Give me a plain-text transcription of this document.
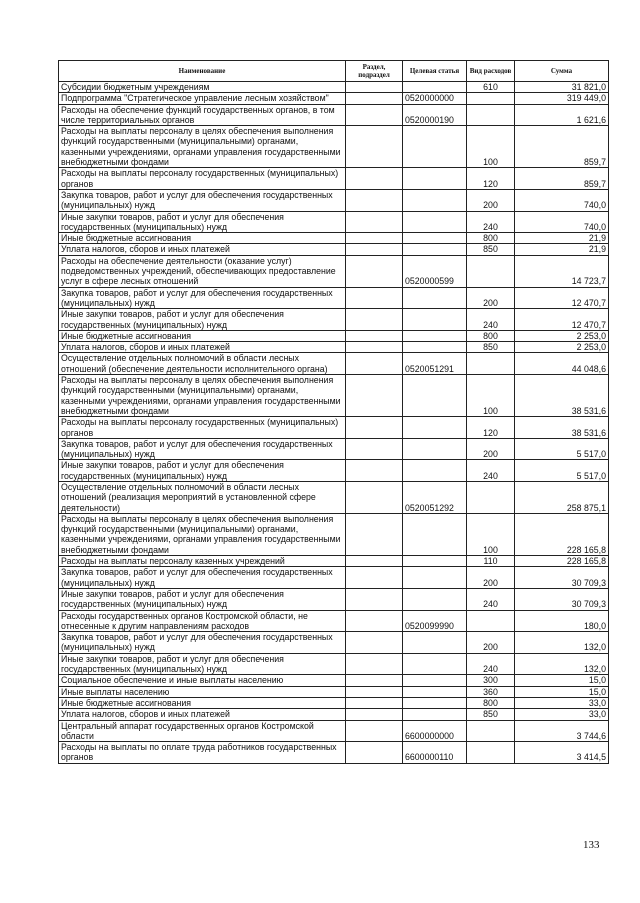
Наименование	Раздел, подраздел	Целевая статья	Вид расходов	Сумма
Субсидии бюджетным учреждениям			610	31 821,0
Подпрограмма "Стратегическое управление лесным хозяйством"		0520000000		319 449,0
Расходы на обеспечение функций государственных органов, в том числе территориальных органов		0520000190		1 621,6
Расходы на выплаты персоналу в целях обеспечения выполнения функций государственными (муниципальными) органами, казенными учреждениями, органами управления государственными внебюджетными фондами			100	859,7
Расходы на выплаты персоналу государственных (муниципальных) органов			120	859,7
Закупка товаров, работ и услуг для обеспечения государственных (муниципальных) нужд			200	740,0
Иные закупки товаров, работ и услуг для обеспечения государственных (муниципальных) нужд			240	740,0
Иные бюджетные ассигнования			800	21,9
Уплата налогов, сборов и иных платежей			850	21,9
Расходы на обеспечение деятельности (оказание услуг) подведомственных учреждений, обеспечивающих предоставление услуг в сфере лесных отношений		0520000599		14 723,7
Закупка товаров, работ и услуг для обеспечения государственных (муниципальных) нужд			200	12 470,7
Иные закупки товаров, работ и услуг для обеспечения государственных (муниципальных) нужд			240	12 470,7
Иные бюджетные ассигнования			800	2 253,0
Уплата налогов, сборов и иных платежей			850	2 253,0
Осуществление отдельных полномочий в области лесных отношений (обеспечение деятельности исполнительного органа)		0520051291		44 048,6
Расходы на выплаты персоналу в целях обеспечения выполнения функций государственными (муниципальными) органами, казенными учреждениями, органами управления государственными внебюджетными фондами			100	38 531,6
Расходы на выплаты персоналу государственных (муниципальных) органов			120	38 531,6
Закупка товаров, работ и услуг для обеспечения государственных (муниципальных) нужд			200	5 517,0
Иные закупки товаров, работ и услуг для обеспечения государственных (муниципальных) нужд			240	5 517,0
Осуществление отдельных полномочий в области лесных отношений (реализация мероприятий в установленной сфере деятельности)		0520051292		258 875,1
Расходы на выплаты персоналу в целях обеспечения выполнения функций государственными (муниципальными) органами, казенными учреждениями, органами управления государственными внебюджетными фондами			100	228 165,8
Расходы на выплаты персоналу казенных учреждений			110	228 165,8
Закупка товаров, работ и услуг для обеспечения государственных (муниципальных) нужд			200	30 709,3
Иные закупки товаров, работ и услуг для обеспечения государственных (муниципальных) нужд			240	30 709,3
Расходы государственных органов Костромской области, не отнесенные к другим направлениям расходов		0520099990		180,0
Закупка товаров, работ и услуг для обеспечения государственных (муниципальных) нужд			200	132,0
Иные закупки товаров, работ и услуг для обеспечения государственных (муниципальных) нужд			240	132,0
Социальное обеспечение и иные выплаты населению			300	15,0
Иные выплаты населению			360	15,0
Иные бюджетные ассигнования			800	33,0
Уплата налогов, сборов и иных платежей			850	33,0
Центральный аппарат государственных органов Костромской области		6600000000		3 744,6
Расходы на выплаты по оплате труда работников государственных органов		6600000110		3 414,5
133
